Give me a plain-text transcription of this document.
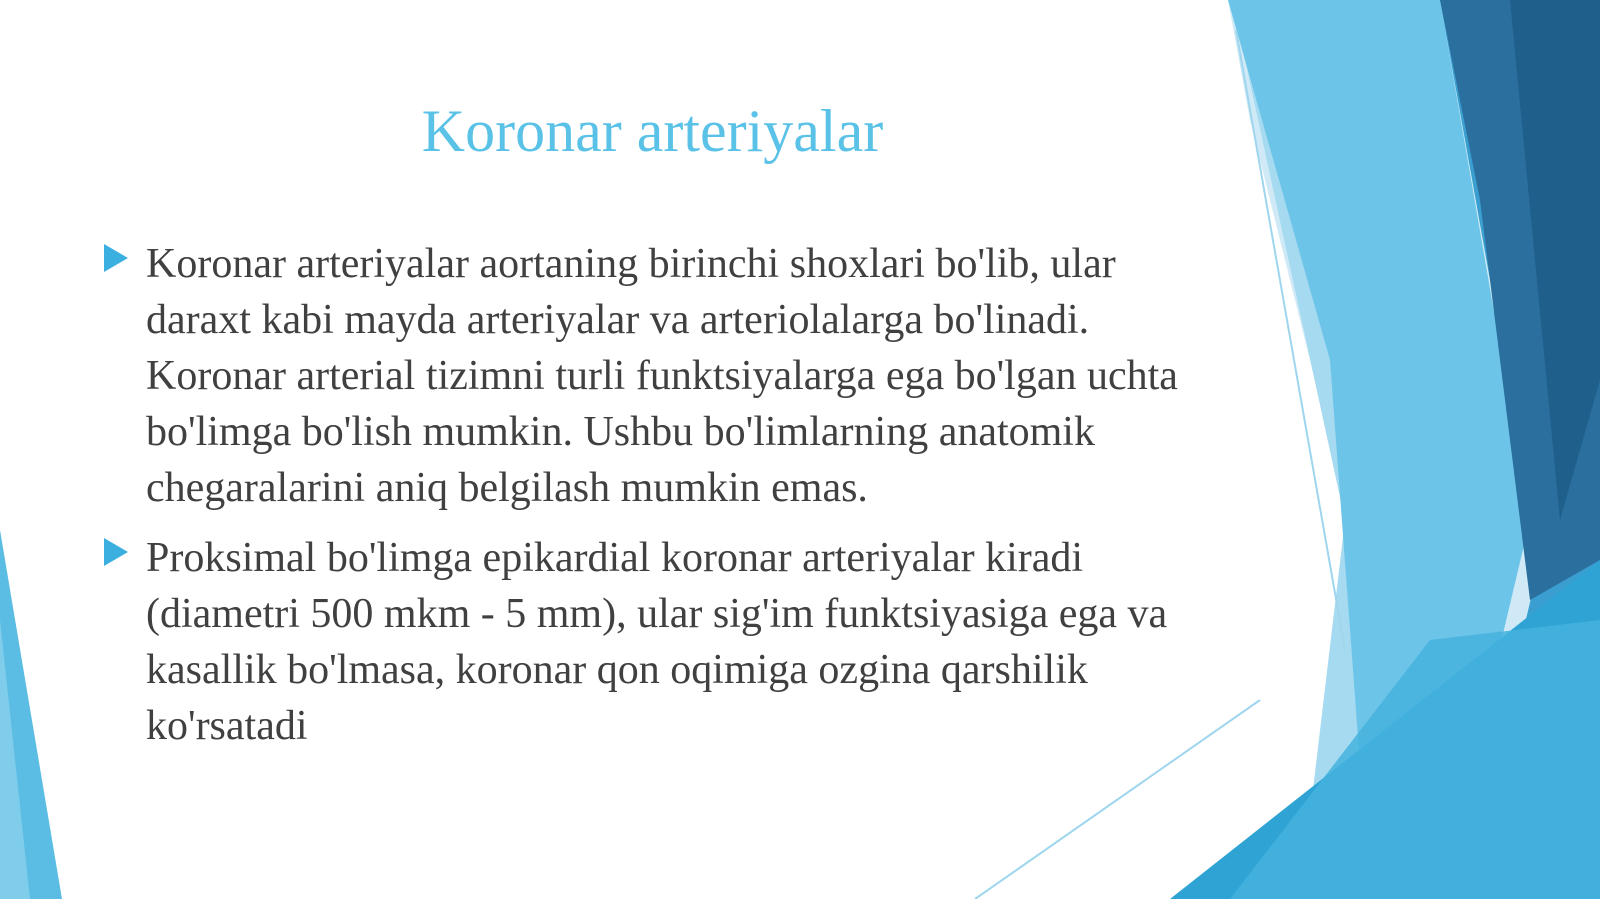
Koronar arteriyalar
Koronar arteriyalar aortaning birinchi shoxlari bo'lib, ular daraxt kabi mayda arteriyalar va arteriolalarga bo'linadi. Koronar arterial tizimni turli funktsiyalarga ega bo'lgan uchta bo'limga bo'lish mumkin. Ushbu bo'limlarning anatomik chegaralarini aniq belgilash mumkin emas.
Proksimal bo'limga epikardial koronar arteriyalar kiradi (diametri 500 mkm - 5 mm), ular sig'im funktsiyasiga ega va kasallik bo'lmasa, koronar qon oqimiga ozgina qarshilik ko'rsatadi
